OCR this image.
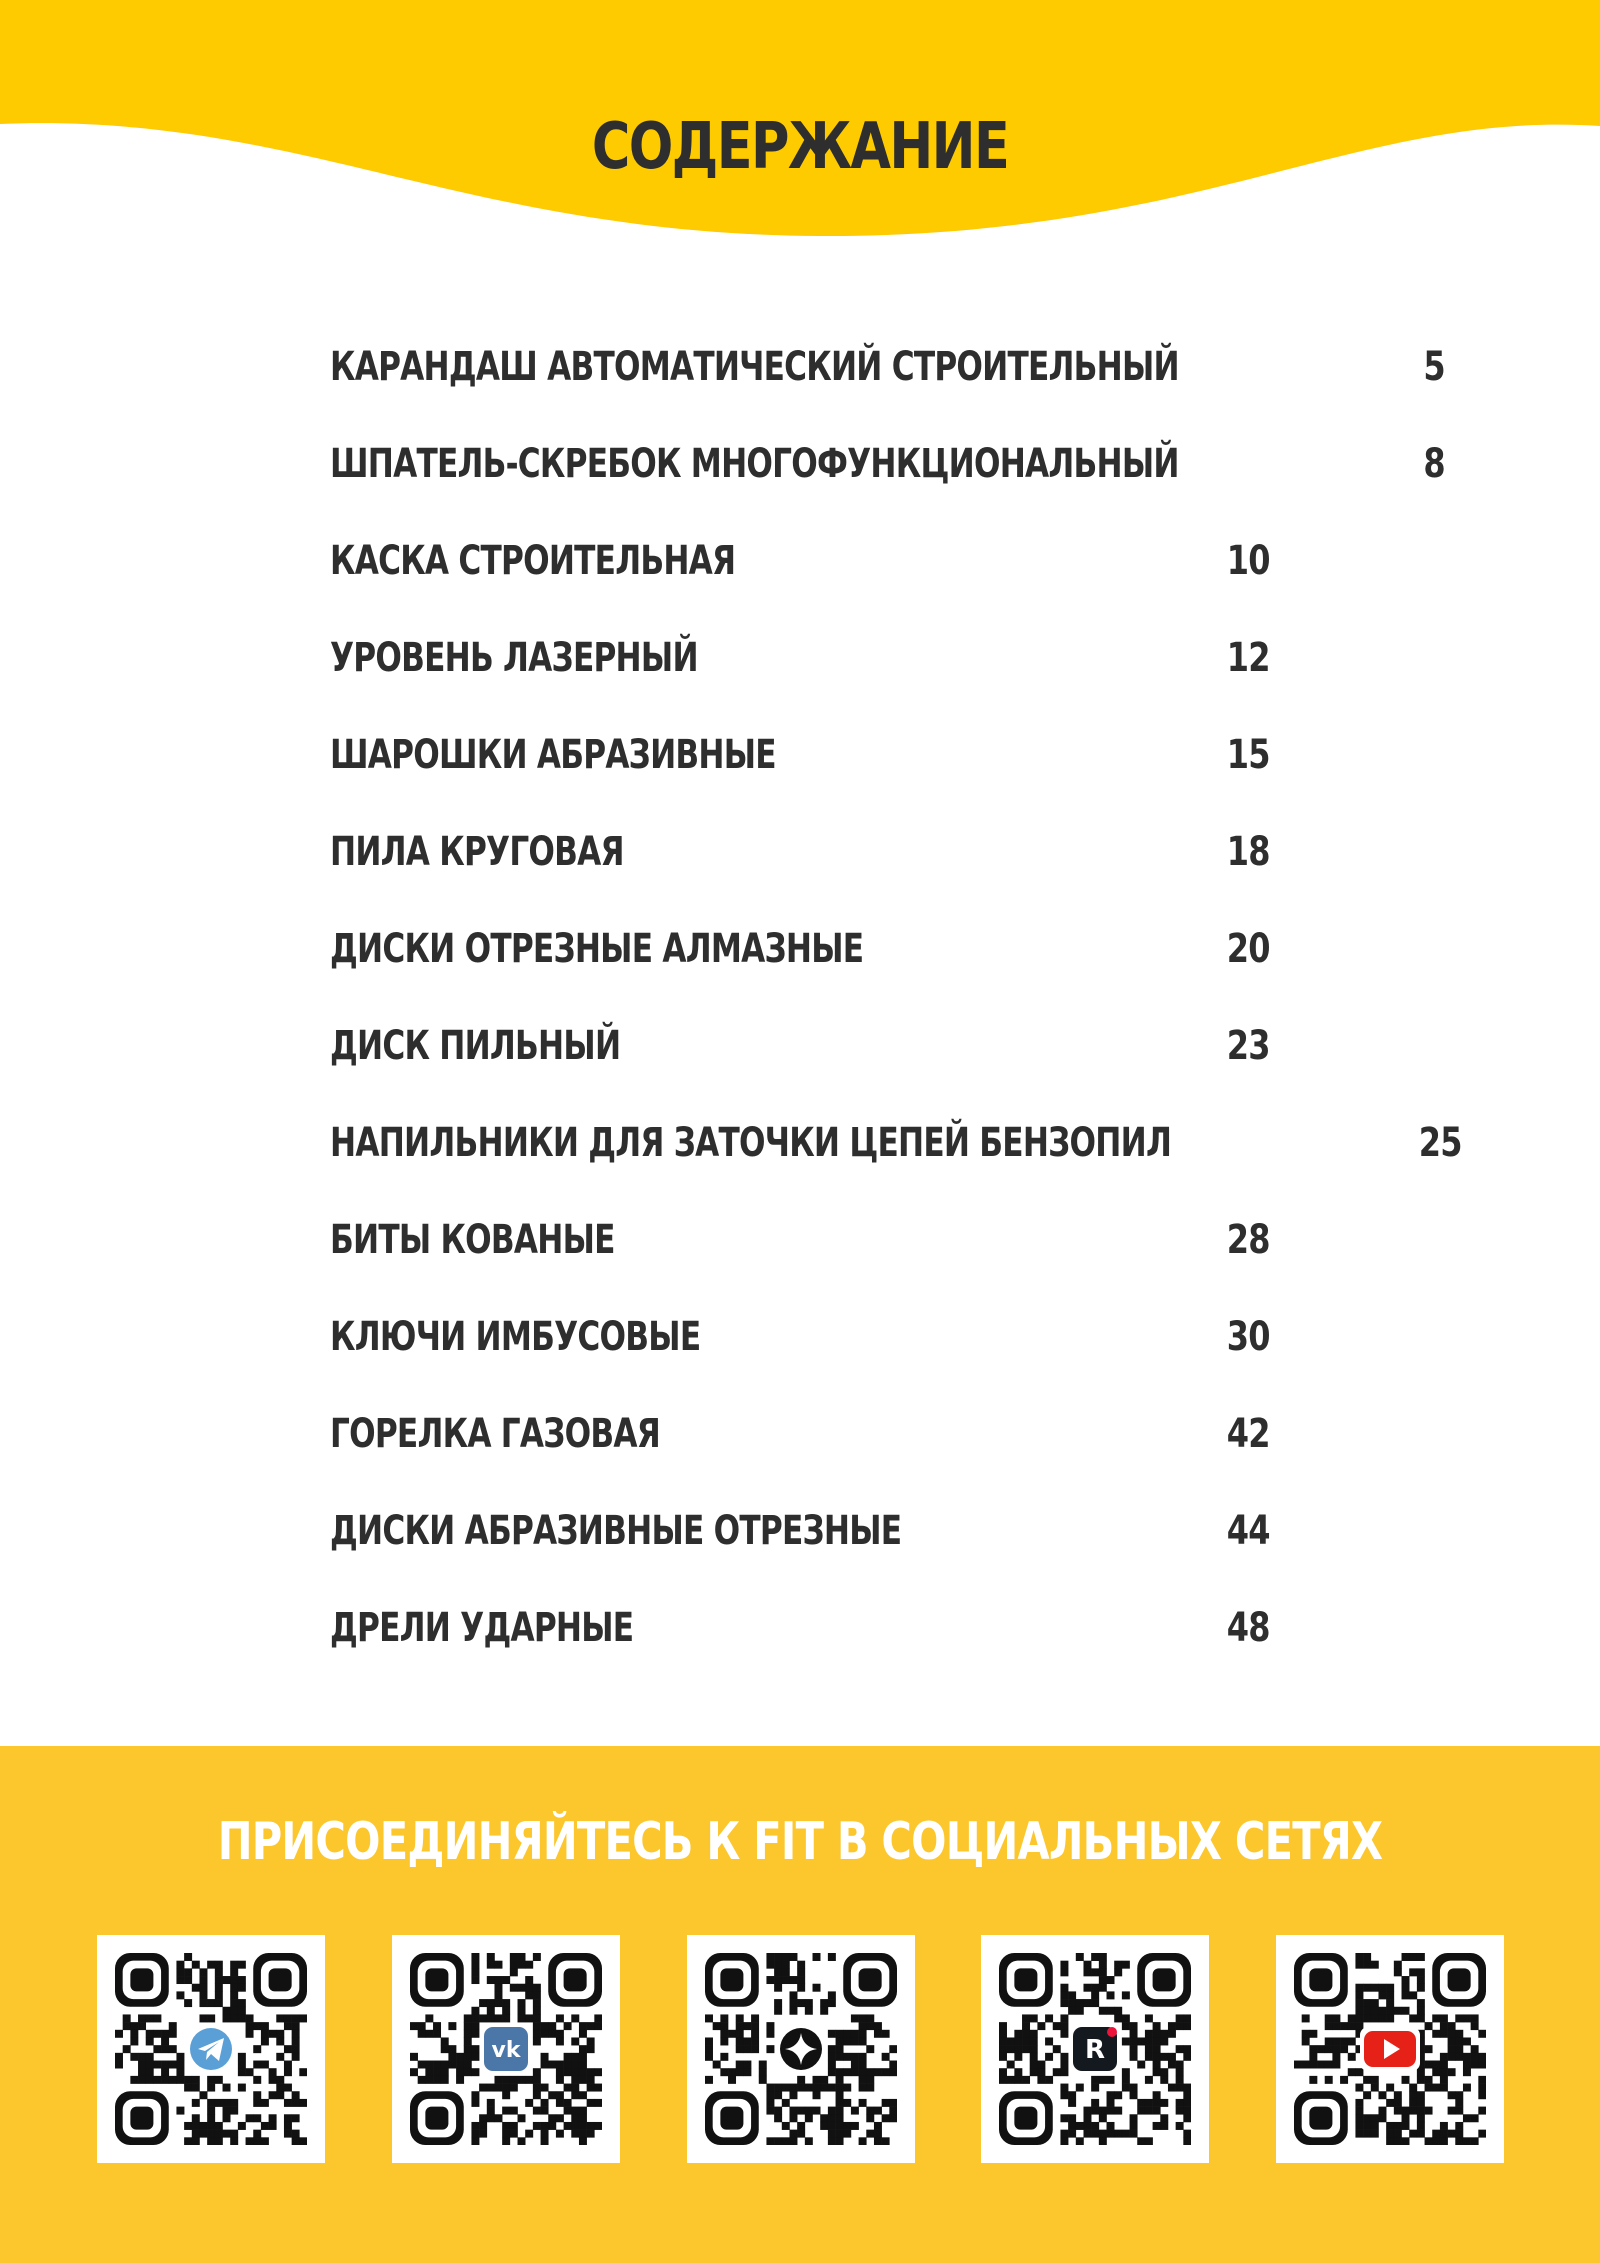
СОДЕРЖАНИЕ
КАРАНДАШ АВТОМАТИЧЕСКИЙ СТРОИТЕЛЬНЫЙ	5
ШПАТЕЛЬ-СКРЕБОК МНОГОФУНКЦИОНАЛЬНЫЙ	8
КАСКА СТРОИТЕЛЬНАЯ	10
УРОВЕНЬ ЛАЗЕРНЫЙ	12
ШАРОШКИ АБРАЗИВНЫЕ	15
ПИЛА КРУГОВАЯ	18
ДИСКИ ОТРЕЗНЫЕ АЛМАЗНЫЕ	20
ДИСК ПИЛЬНЫЙ	23
НАПИЛЬНИКИ ДЛЯ ЗАТОЧКИ ЦЕПЕЙ БЕНЗОПИЛ	25
БИТЫ КОВАНЫЕ	28
КЛЮЧИ ИМБУСОВЫЕ	30
ГОРЕЛКА ГАЗОВАЯ	42
ДИСКИ АБРАЗИВНЫЕ ОТРЕЗНЫЕ	44
ДРЕЛИ УДАРНЫЕ	48
ПРИСОЕДИНЯЙТЕСЬ К FIT В СОЦИАЛЬНЫХ СЕТЯХ
vk	R
